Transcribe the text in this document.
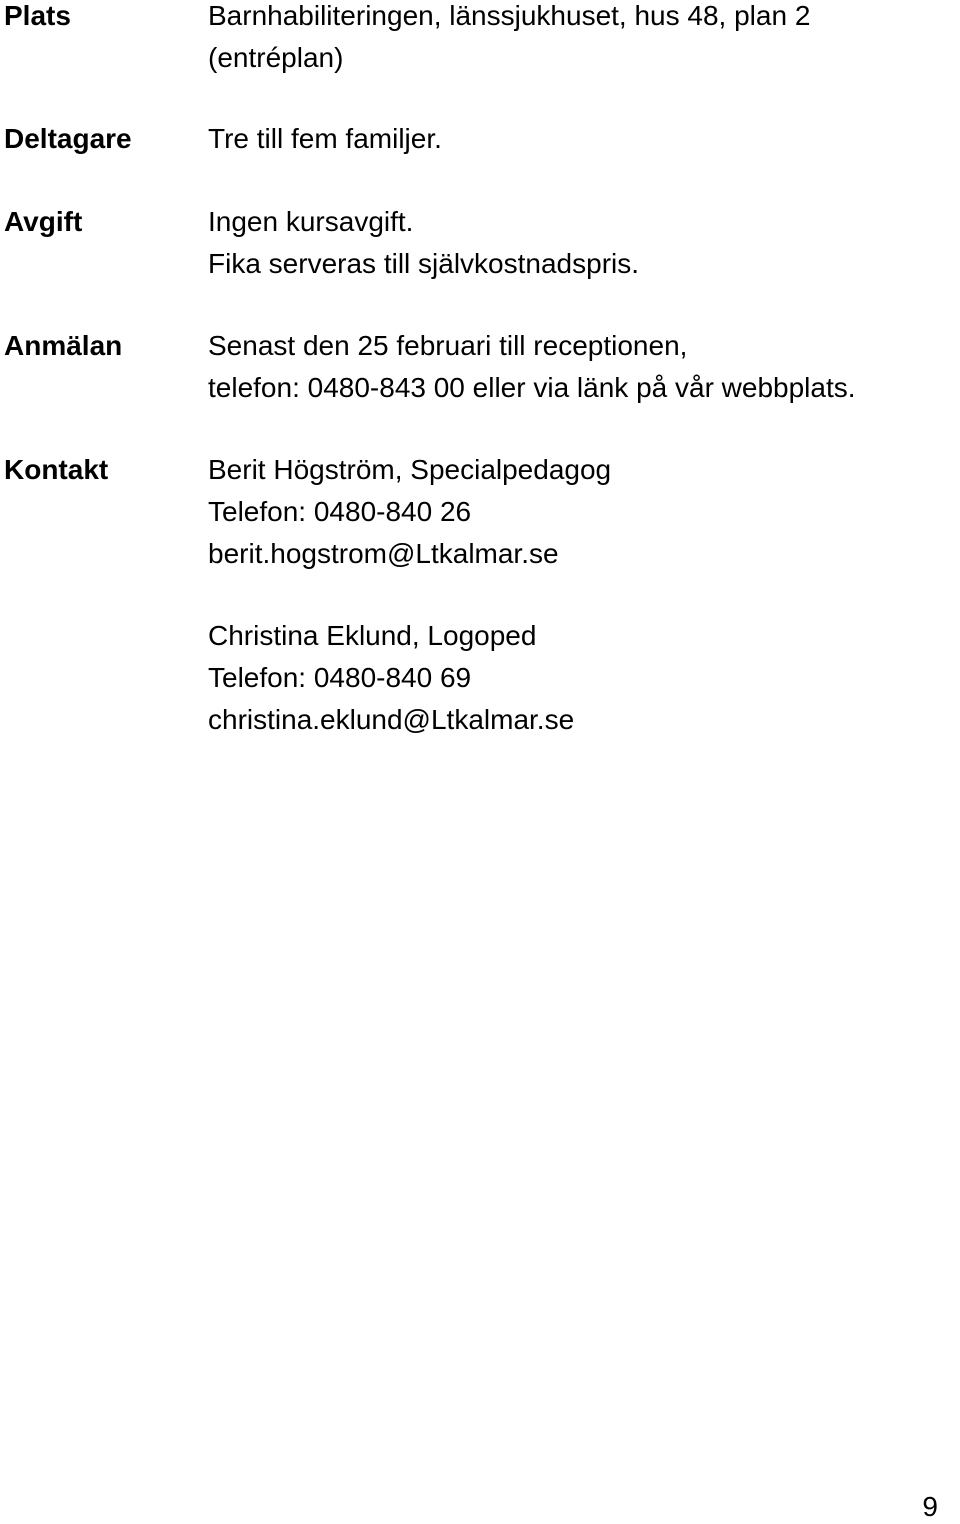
Plats	Barnhabiliteringen, länssjukhuset, hus 48, plan 2
(entréplan)
Deltagare	Tre till fem familjer.
Avgift	Ingen kursavgift.
Fika serveras till självkostnadspris.
Anmälan	Senast den 25 februari till receptionen,
telefon: 0480-843 00 eller via länk på vår webbplats.
Kontakt	Berit Högström, Specialpedagog
Telefon: 0480-840 26
berit.hogstrom@Ltkalmar.se
Christina Eklund, Logoped
Telefon: 0480-840 69
christina.eklund@Ltkalmar.se
9
